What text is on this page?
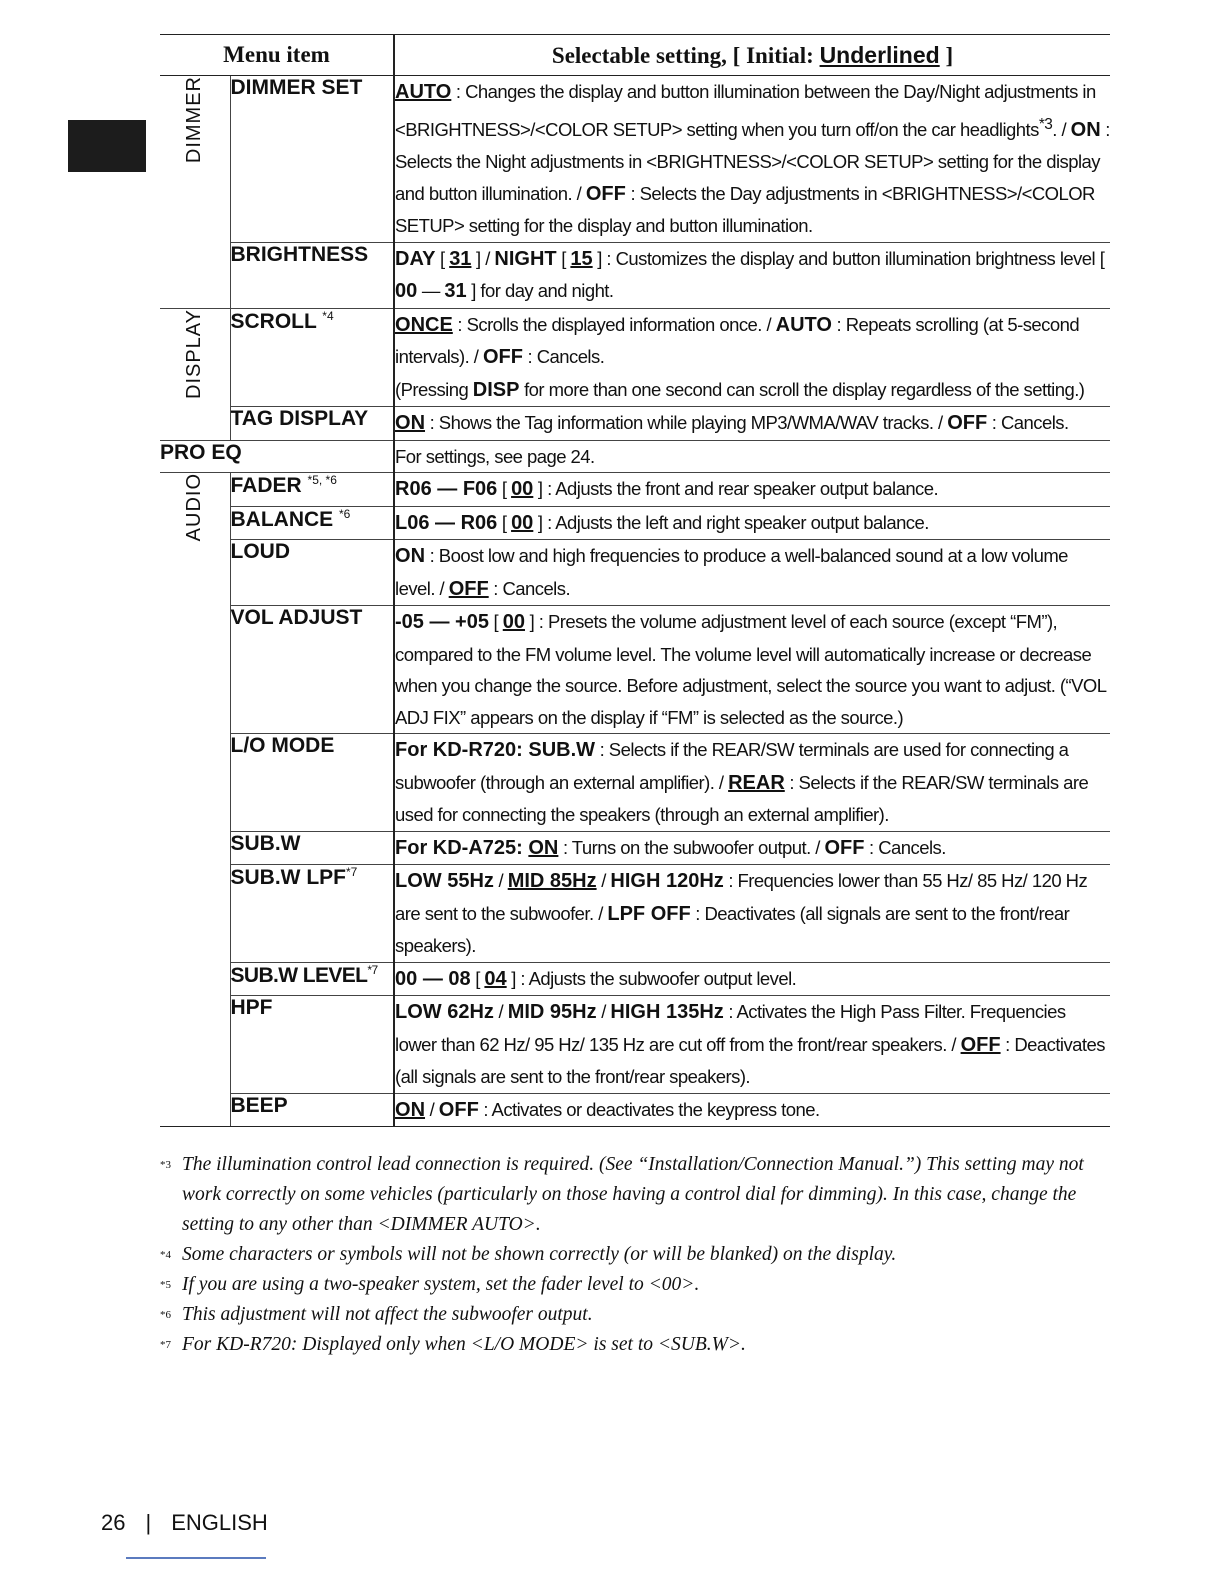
Menu item		Selectable setting, [ Initial: Underlined ]
DIMMER	DIMMER SET	AUTO : Changes the display and button illumination between the Day/Night adjustments in <BRIGHTNESS>/<COLOR SETUP> setting when you turn off/on the car headlights$^{*3}$. / ON : Selects the Night adjustments in <BRIGHTNESS>/<COLOR SETUP> setting for the display and button illumination. / OFF : Selects the Day adjustments in <BRIGHTNESS>/<COLOR SETUP> setting for the display and button illumination.
	BRIGHTNESS	DAY [ 31 ] / NIGHT [ 15 ] : Customizes the display and button illumination brightness level [ 00 — 31 ] for day and night.
DISPLAY	SCROLL $^{*4}$	ONCE : Scrolls the displayed information once. / AUTO : Repeats scrolling (at 5-second intervals). / OFF : Cancels.
(Pressing DISP for more than one second can scroll the display regardless of the setting.)
	TAG DISPLAY	ON : Shows the Tag information while playing MP3/WMA/WAV tracks. / OFF : Cancels.
PRO EQ		For settings, see page 24.
AUDIO	FADER $^{*5, *6}$	R06 — F06 [ 00 ] : Adjusts the front and rear speaker output balance.
	BALANCE $^{*6}$	L06 — R06 [ 00 ] : Adjusts the left and right speaker output balance.
	LOUD	ON : Boost low and high frequencies to produce a well-balanced sound at a low volume level. / OFF : Cancels.
	VOL ADJUST	-05 — +05 [ 00 ] : Presets the volume adjustment level of each source (except “FM”), compared to the FM volume level. The volume level will automatically increase or decrease when you change the source. Before adjustment, select the source you want to adjust. (“VOL ADJ FIX” appears on the display if “FM” is selected as the source.)
	L/O MODE	For KD-R720: SUB.W : Selects if the REAR/SW terminals are used for connecting a subwoofer (through an external amplifier). / REAR : Selects if the REAR/SW terminals are used for connecting the speakers (through an external amplifier).
	SUB.W	For KD-A725: ON : Turns on the subwoofer output. / OFF : Cancels.
	SUB.W LPF$^{*7}$	LOW 55Hz / MID 85Hz / HIGH 120Hz : Frequencies lower than 55 Hz/ 85 Hz/ 120 Hz are sent to the subwoofer. / LPF OFF : Deactivates (all signals are sent to the front/rear speakers).
	SUB.W LEVEL$^{*7}$	00 — 08 [ 04 ] : Adjusts the subwoofer output level.
	HPF	LOW 62Hz / MID 95Hz / HIGH 135Hz : Activates the High Pass Filter. Frequencies lower than 62 Hz/ 95 Hz/ 135 Hz are cut off from the front/rear speakers. / OFF : Deactivates (all signals are sent to the front/rear speakers).
	BEEP	ON / OFF : Activates or deactivates the keypress tone.
$^{*3}$ The illumination control lead connection is required. (See “Installation/Connection Manual.”) This setting may not work correctly on some vehicles (particularly on those having a control dial for dimming). In this case, change the setting to any other than <DIMMER AUTO>.
$^{*4}$ Some characters or symbols will not be shown correctly (or will be blanked) on the display.
$^{*5}$ If you are using a two-speaker system, set the fader level to <00>.
$^{*6}$ This adjustment will not affect the subwoofer output.
$^{*7}$ For KD-R720: Displayed only when <L/O MODE> is set to <SUB.W>.
26 | ENGLISH
